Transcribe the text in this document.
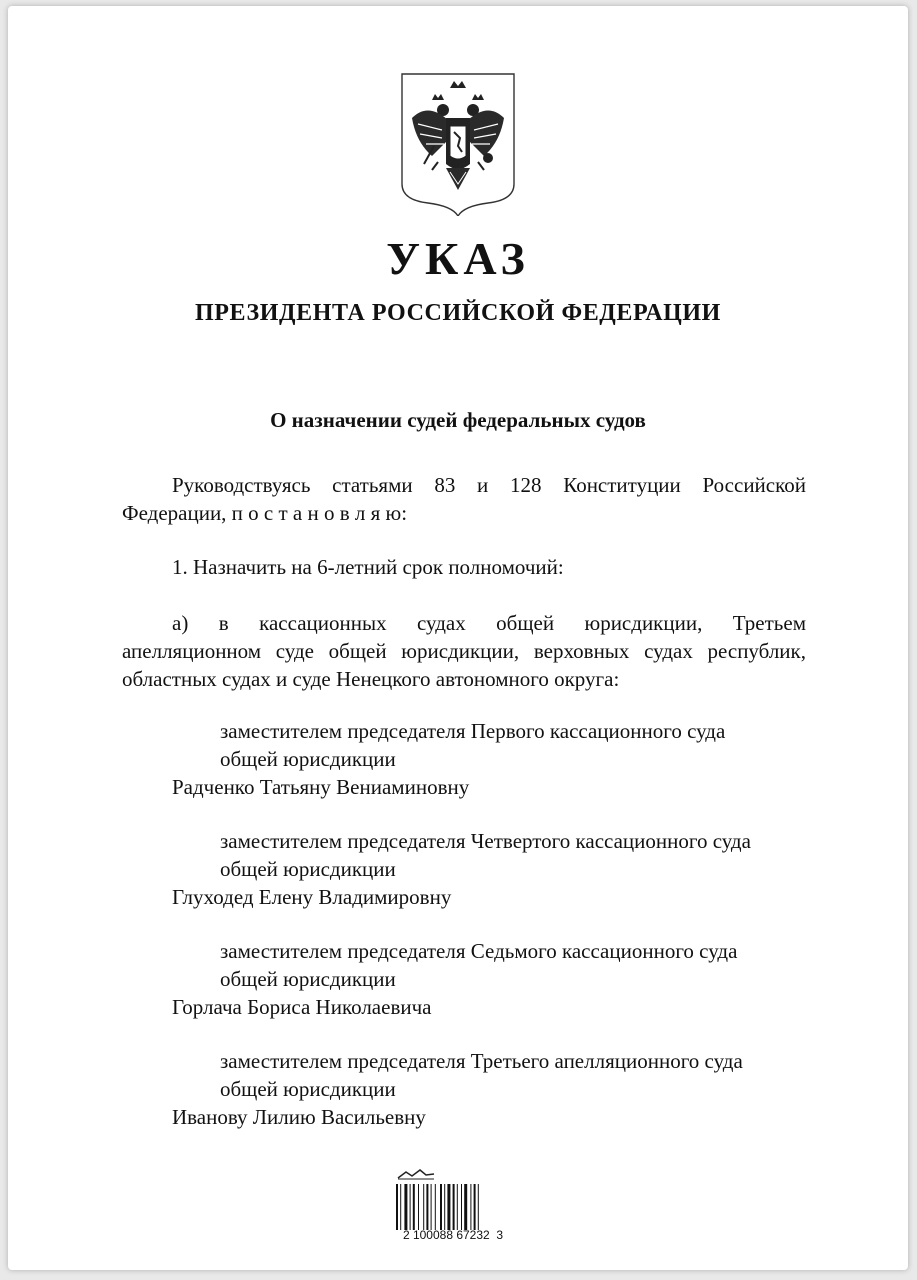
УКАЗ
ПРЕЗИДЕНТА РОССИЙСКОЙ ФЕДЕРАЦИИ
О назначении судей федеральных судов
Руководствуясь статьями 83 и 128 Конституции Российской
Федерации, п о с т а н о в л я ю:
1. Назначить на 6-летний срок полномочий:
а) в кассационных судах общей юрисдикции, Третьем
апелляционном суде общей юрисдикции, верховных судах республик,
областных судах и суде Ненецкого автономного округа:
заместителем председателя Первого кассационного суда
общей юрисдикции
Радченко Татьяну Вениаминовну
заместителем председателя Четвертого кассационного суда
общей юрисдикции
Глуходед Елену Владимировну
заместителем председателя Седьмого кассационного суда
общей юрисдикции
Горлача Бориса Николаевича
заместителем председателя Третьего апелляционного суда
общей юрисдикции
Иванову Лилию Васильевну
2 100088 67232  3
